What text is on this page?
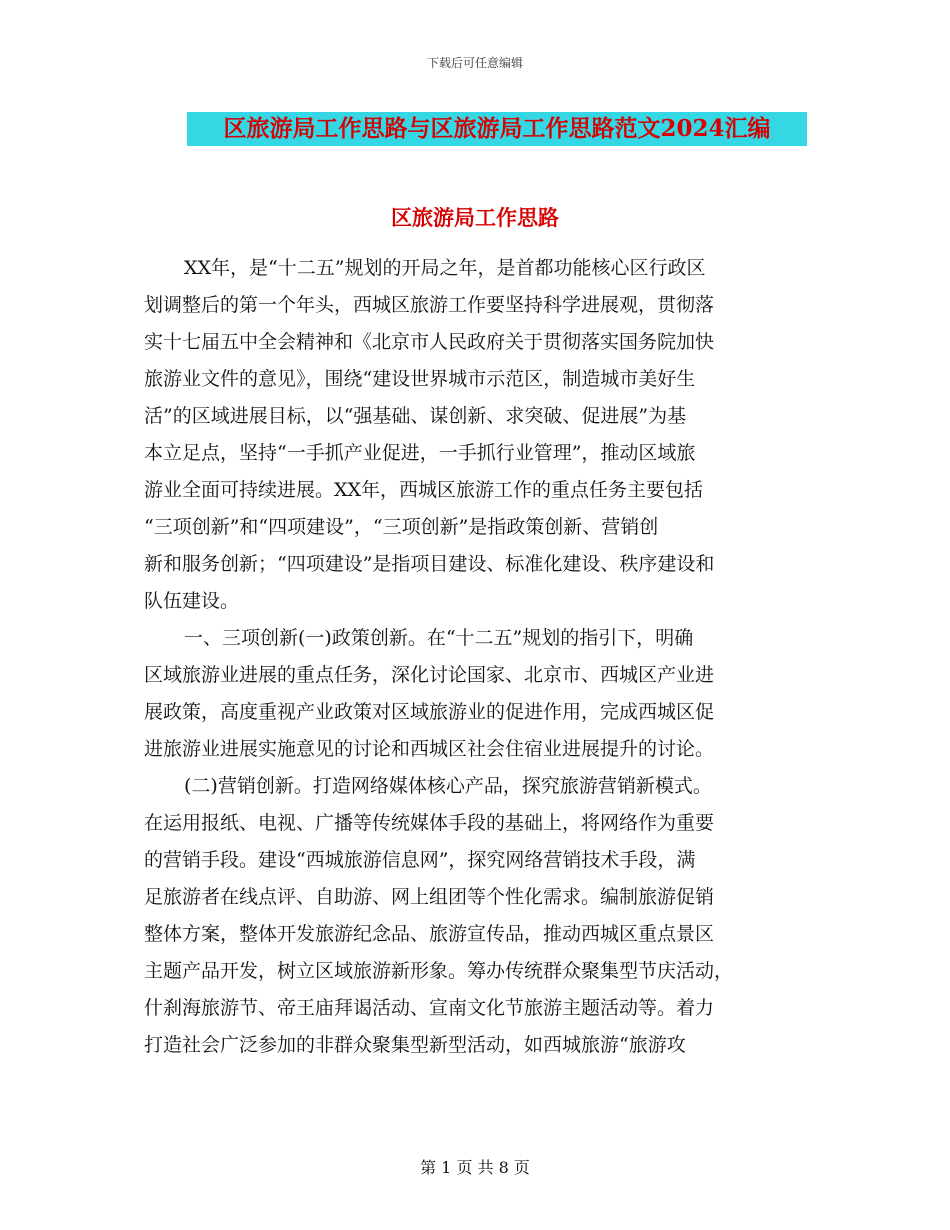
下载后可任意编辑
区旅游局工作思路与区旅游局工作思路范文2024汇编
区旅游局工作思路
XX年，是“十二五”规划的开局之年，是首都功能核心区行政区
划调整后的第一个年头，西城区旅游工作要坚持科学进展观，贯彻落
实十七届五中全会精神和《北京市人民政府关于贯彻落实国务院加快
旅游业文件的意见》，围绕“建设世界城市示范区，制造城市美好生
活”的区域进展目标，以“强基础、谋创新、求突破、促进展”为基
本立足点，坚持“一手抓产业促进，一手抓行业管理”，推动区域旅
游业全面可持续进展。XX年，西城区旅游工作的重点任务主要包括
“三项创新”和“四项建设”，“三项创新”是指政策创新、营销创
新和服务创新；“四项建设”是指项目建设、标准化建设、秩序建设和
队伍建设。
一、三项创新(一)政策创新。在“十二五”规划的指引下，明确
区域旅游业进展的重点任务，深化讨论国家、北京市、西城区产业进
展政策，高度重视产业政策对区域旅游业的促进作用，完成西城区促
进旅游业进展实施意见的讨论和西城区社会住宿业进展提升的讨论。
(二)营销创新。打造网络媒体核心产品，探究旅游营销新模式。
在运用报纸、电视、广播等传统媒体手段的基础上，将网络作为重要
的营销手段。建设“西城旅游信息网”，探究网络营销技术手段，满
足旅游者在线点评、自助游、网上组团等个性化需求。编制旅游促销
整体方案，整体开发旅游纪念品、旅游宣传品，推动西城区重点景区
主题产品开发，树立区域旅游新形象。筹办传统群众聚集型节庆活动，
什刹海旅游节、帝王庙拜谒活动、宣南文化节旅游主题活动等。着力
打造社会广泛参加的非群众聚集型新型活动，如西城旅游“旅游攻
第 1 页 共 8 页
